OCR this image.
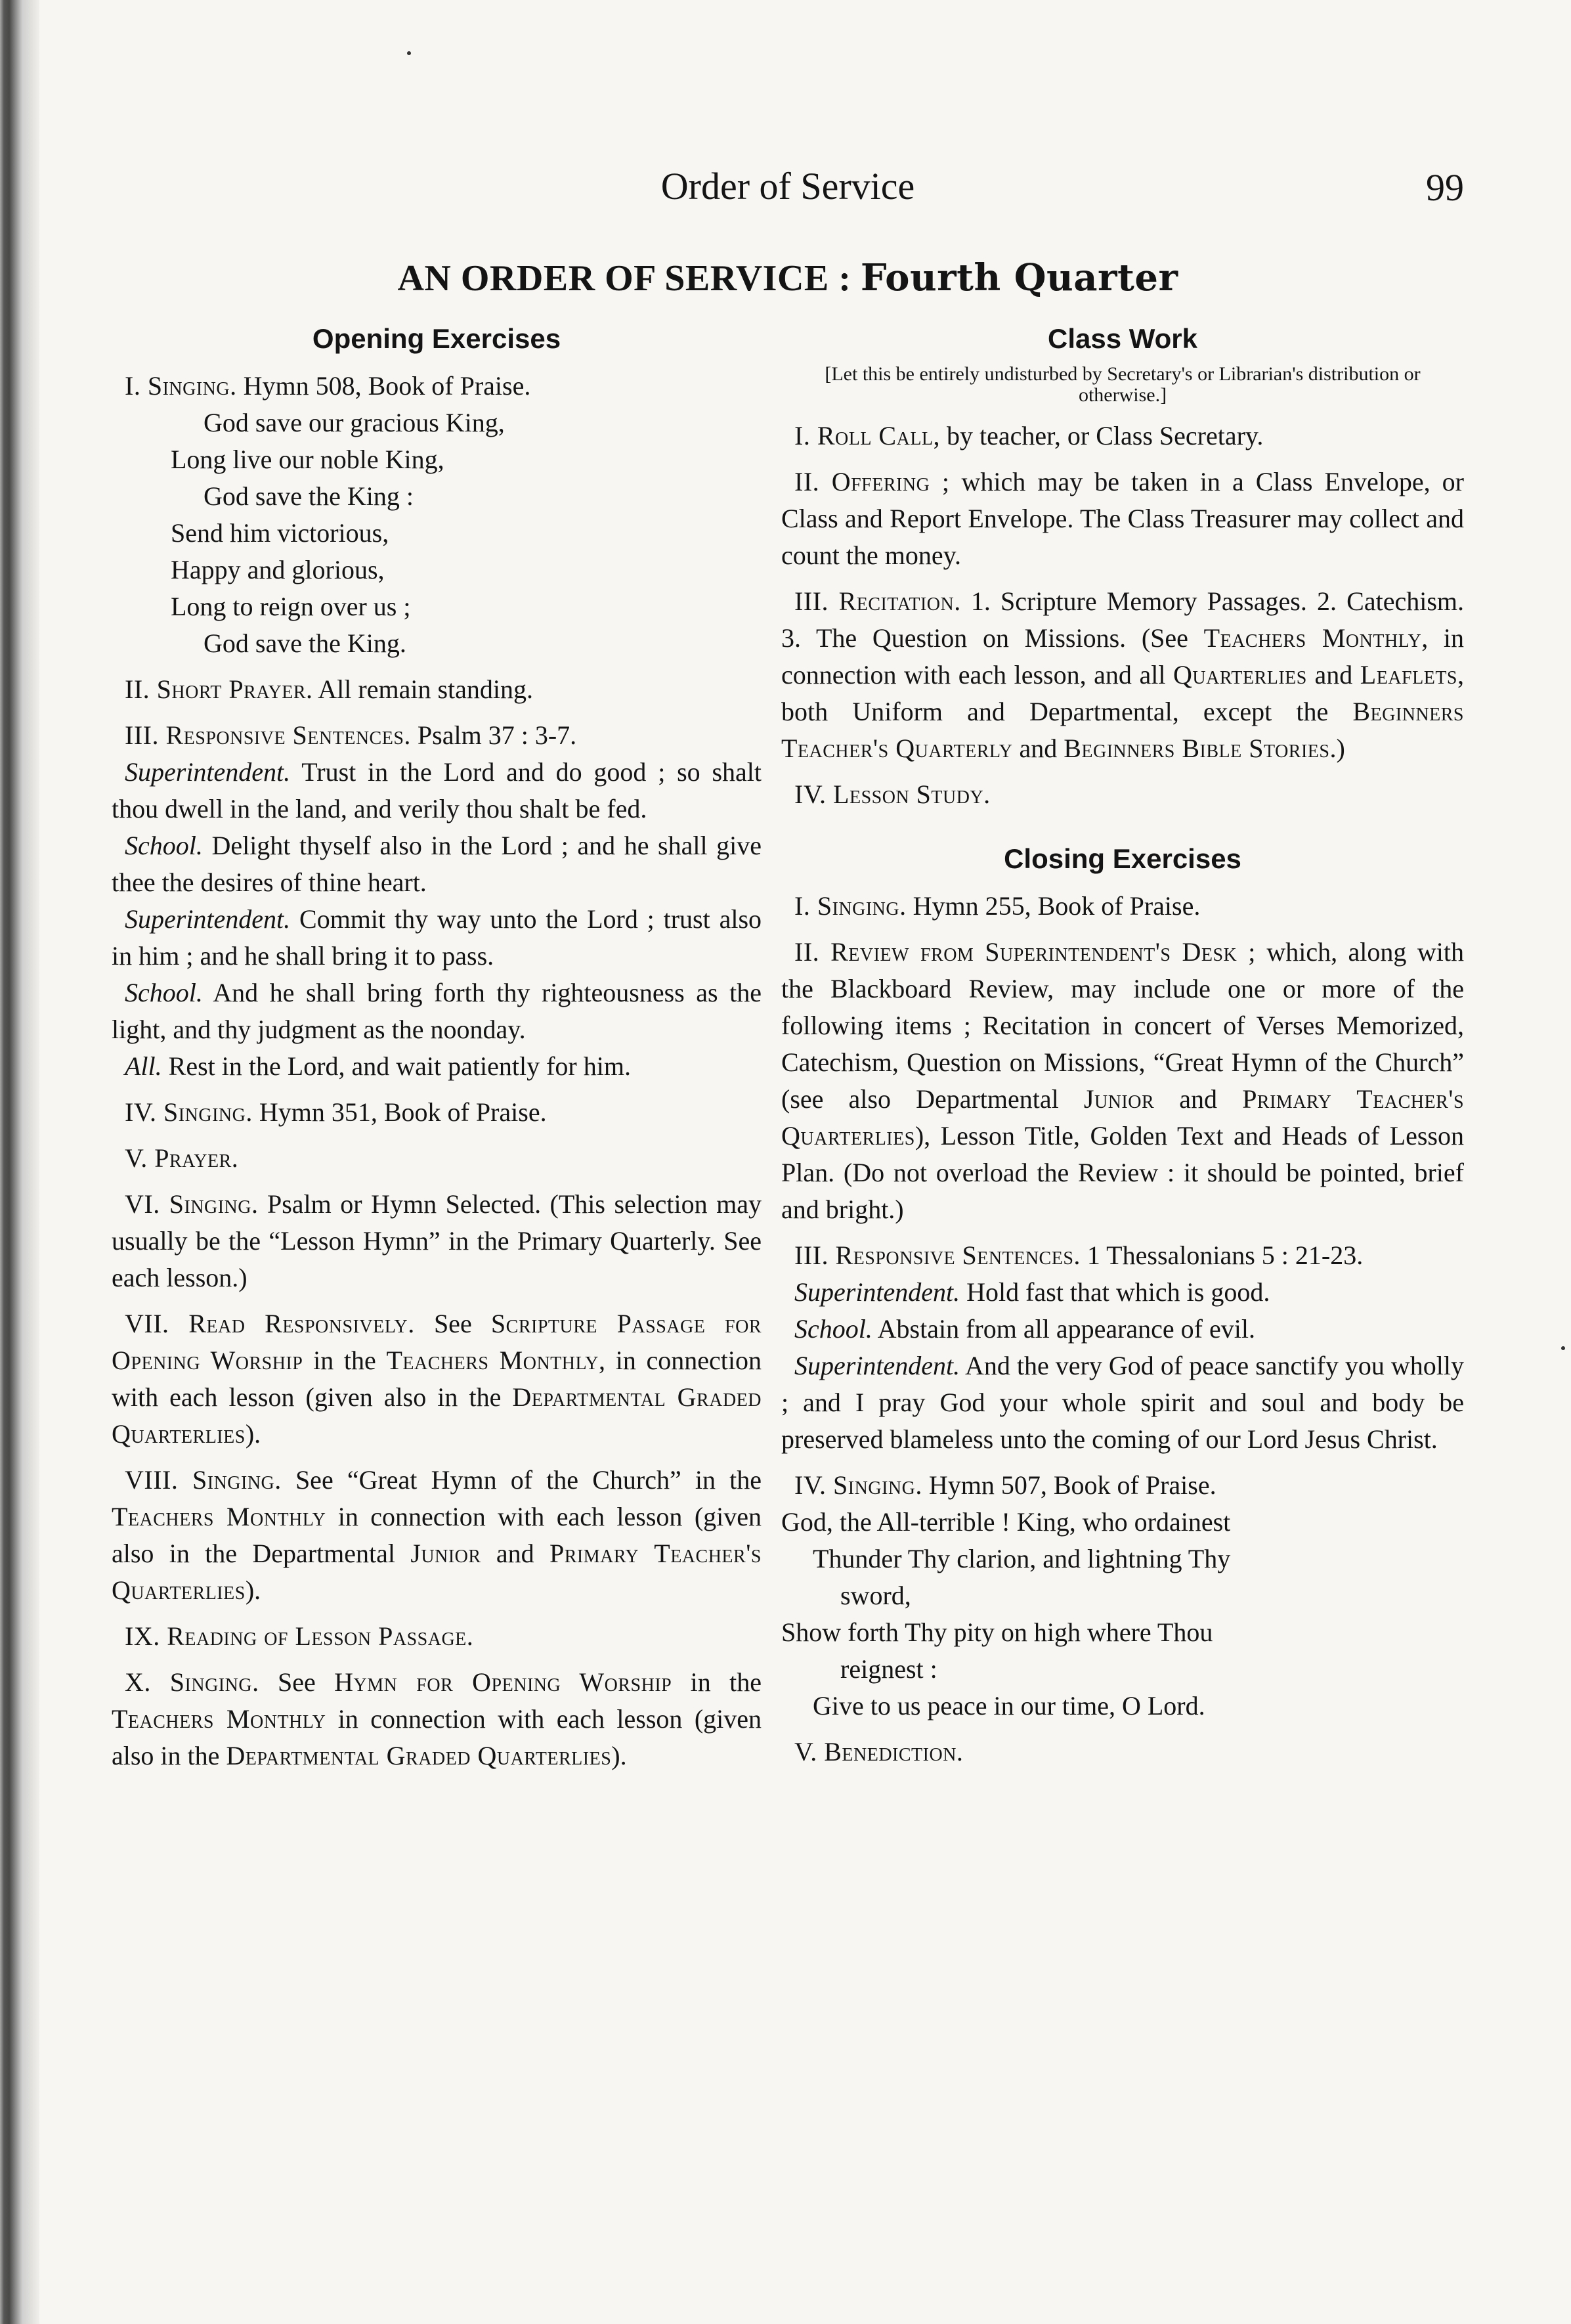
Order of Service	99
AN ORDER OF SERVICE : Fourth Quarter
Opening Exercises

I. Singing. Hymn 508, Book of Praise.

God save our gracious King,
Long live our noble King,
God save the King :
Send him victorious,
Happy and glorious,
Long to reign over us ;
God save the King.

II. Short Prayer. All remain standing.

III. Responsive Sentences. Psalm 37 : 3-7.

Superintendent. Trust in the Lord and do good ; so shalt thou dwell in the land, and verily thou shalt be fed.

School. Delight thyself also in the Lord ; and he shall give thee the desires of thine heart.

Superintendent. Commit thy way unto the Lord ; trust also in him ; and he shall bring it to pass.

School. And he shall bring forth thy righteousness as the light, and thy judgment as the noonday.

All. Rest in the Lord, and wait patiently for him.

IV. Singing. Hymn 351, Book of Praise.

V. Prayer.

VI. Singing. Psalm or Hymn Selected. (This selection may usually be the “Lesson Hymn” in the Primary Quarterly. See each lesson.)

VII. Read Responsively. See Scripture Passage for Opening Worship in the Teachers Monthly, in connection with each lesson (given also in the Departmental Graded Quarterlies).

VIII. Singing. See “Great Hymn of the Church” in the Teachers Monthly in connection with each lesson (given also in the Departmental Junior and Primary Teacher's Quarterlies).

IX. Reading of Lesson Passage.

X. Singing. See Hymn for Opening Worship in the Teachers Monthly in connection with each lesson (given also in the Departmental Graded Quarterlies).

Class Work
[Let this be entirely undisturbed by Secretary's or Librarian's distribution or otherwise.]

I. Roll Call, by teacher, or Class Secretary.

II. Offering ; which may be taken in a Class Envelope, or Class and Report Envelope. The Class Treasurer may collect and count the money.

III. Recitation. 1. Scripture Memory Passages. 2. Catechism. 3. The Question on Missions. (See Teachers Monthly, in connection with each lesson, and all Quarterlies and Leaflets, both Uniform and Departmental, except the Beginners Teacher's Quarterly and Beginners Bible Stories.)

IV. Lesson Study.

Closing Exercises

I. Singing. Hymn 255, Book of Praise.

II. Review from Superintendent's Desk ; which, along with the Blackboard Review, may include one or more of the following items ; Recitation in concert of Verses Memorized, Catechism, Question on Missions, “Great Hymn of the Church” (see also Departmental Junior and Primary Teacher's Quarterlies), Lesson Title, Golden Text and Heads of Lesson Plan. (Do not overload the Review : it should be pointed, brief and bright.)

III. Responsive Sentences. 1 Thessalonians 5 : 21-23.

Superintendent. Hold fast that which is good.

School. Abstain from all appearance of evil.

Superintendent. And the very God of peace sanctify you wholly ; and I pray God your whole spirit and soul and body be preserved blameless unto the coming of our Lord Jesus Christ.

IV. Singing. Hymn 507, Book of Praise.

God, the All-terrible ! King, who ordainest
Thunder Thy clarion, and lightning Thy
sword,
Show forth Thy pity on high where Thou
reignest :
Give to us peace in our time, O Lord.

V. Benediction.
